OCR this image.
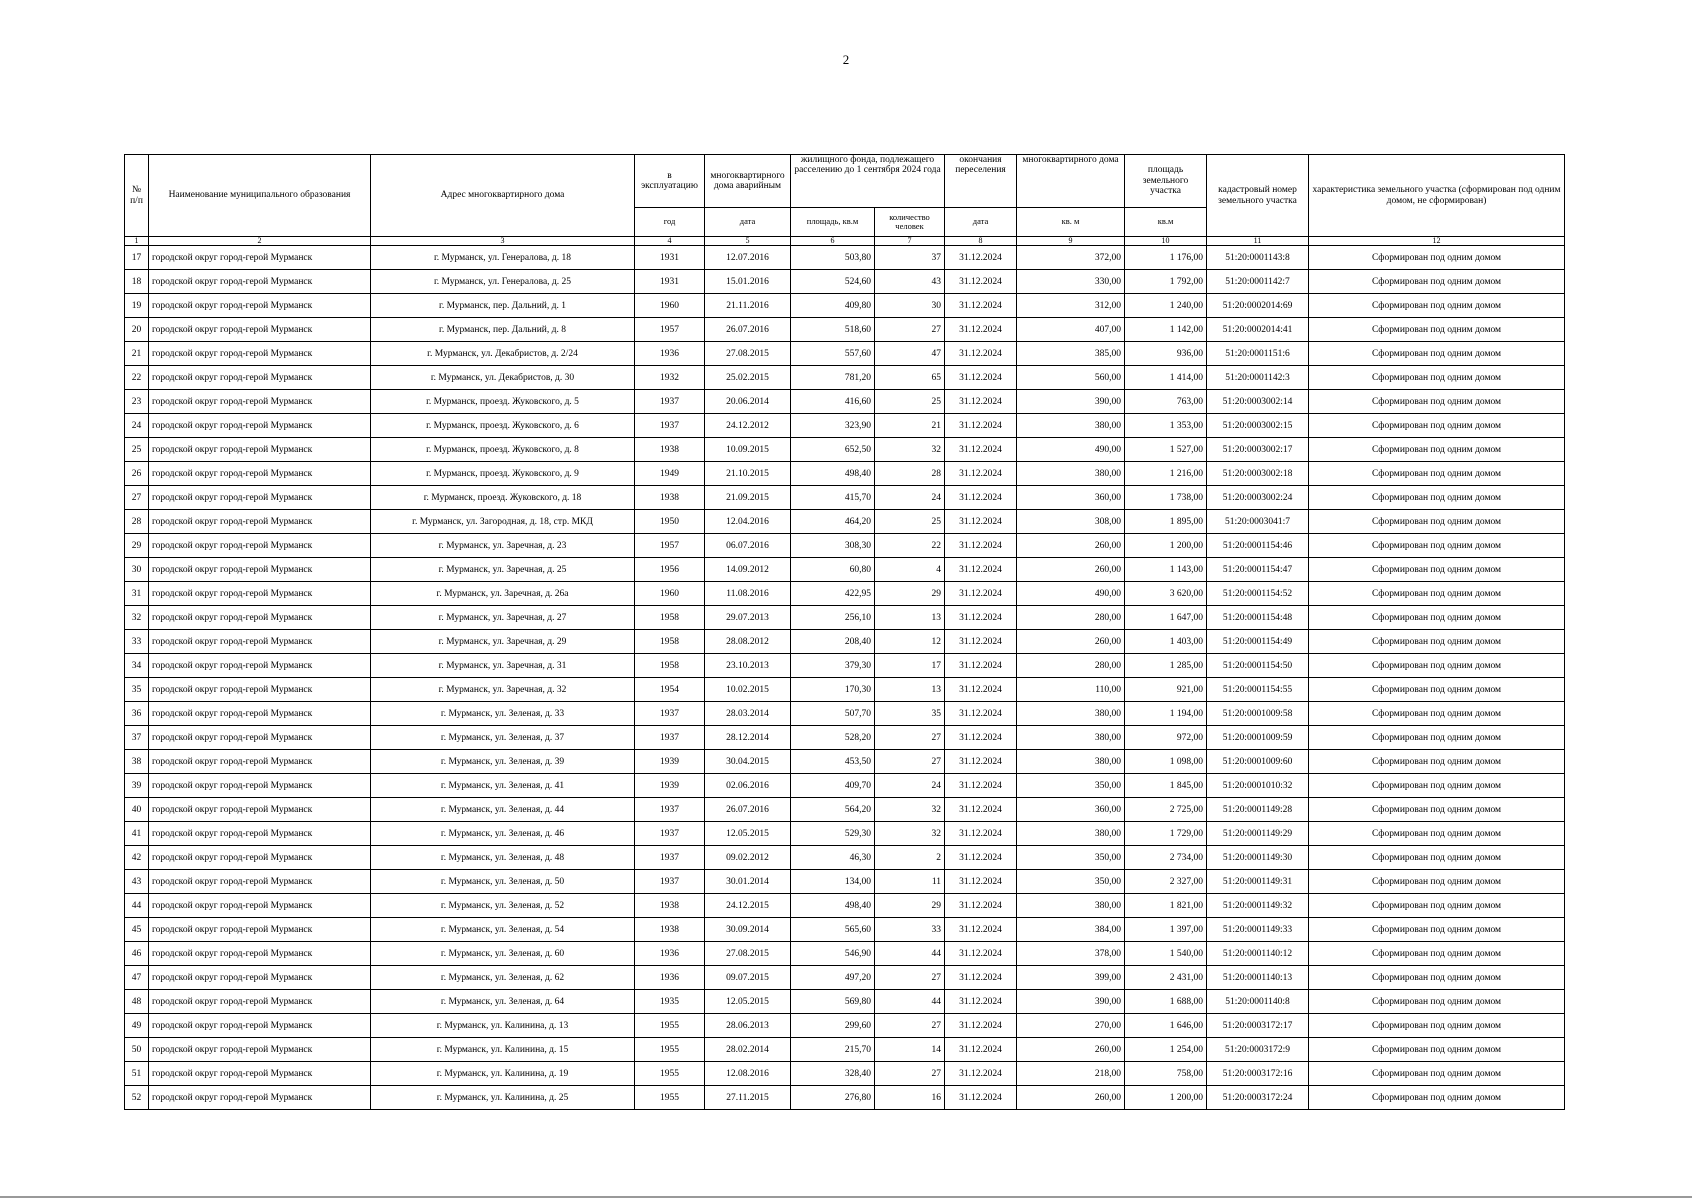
2
№ п/п	Наименование муниципального образования	Адрес многоквартирного дома	в эксплуатацию	многоквартирного дома аварийным	жилищного фонда, подлежащего расселению до 1 сентября 2024 года		окончания переселения	многоквартирного дома	площадь земельного участка	кадастровый номер земельного участка	характеристика земельного участка (сформирован под одним домом, не сформирован)
			год	дата	площадь, кв.м	количество человек	дата	кв. м	кв.м		
1	2	3	4	5	6	7	8	9	10	11	12
17	городской округ город-герой Мурманск	г. Мурманск, ул. Генералова, д. 18	1931	12.07.2016	503,80	37	31.12.2024	372,00	1 176,00	51:20:0001143:8	Сформирован под одним домом
18	городской округ город-герой Мурманск	г. Мурманск, ул. Генералова, д. 25	1931	15.01.2016	524,60	43	31.12.2024	330,00	1 792,00	51:20:0001142:7	Сформирован под одним домом
19	городской округ город-герой Мурманск	г. Мурманск, пер. Дальний, д. 1	1960	21.11.2016	409,80	30	31.12.2024	312,00	1 240,00	51:20:0002014:69	Сформирован под одним домом
20	городской округ город-герой Мурманск	г. Мурманск, пер. Дальний, д. 8	1957	26.07.2016	518,60	27	31.12.2024	407,00	1 142,00	51:20:0002014:41	Сформирован под одним домом
21	городской округ город-герой Мурманск	г. Мурманск, ул. Декабристов, д. 2/24	1936	27.08.2015	557,60	47	31.12.2024	385,00	936,00	51:20:0001151:6	Сформирован под одним домом
22	городской округ город-герой Мурманск	г. Мурманск, ул. Декабристов, д. 30	1932	25.02.2015	781,20	65	31.12.2024	560,00	1 414,00	51:20:0001142:3	Сформирован под одним домом
23	городской округ город-герой Мурманск	г. Мурманск, проезд. Жуковского, д. 5	1937	20.06.2014	416,60	25	31.12.2024	390,00	763,00	51:20:0003002:14	Сформирован под одним домом
24	городской округ город-герой Мурманск	г. Мурманск, проезд. Жуковского, д. 6	1937	24.12.2012	323,90	21	31.12.2024	380,00	1 353,00	51:20:0003002:15	Сформирован под одним домом
25	городской округ город-герой Мурманск	г. Мурманск, проезд. Жуковского, д. 8	1938	10.09.2015	652,50	32	31.12.2024	490,00	1 527,00	51:20:0003002:17	Сформирован под одним домом
26	городской округ город-герой Мурманск	г. Мурманск, проезд. Жуковского, д. 9	1949	21.10.2015	498,40	28	31.12.2024	380,00	1 216,00	51:20:0003002:18	Сформирован под одним домом
27	городской округ город-герой Мурманск	г. Мурманск, проезд. Жуковского, д. 18	1938	21.09.2015	415,70	24	31.12.2024	360,00	1 738,00	51:20:0003002:24	Сформирован под одним домом
28	городской округ город-герой Мурманск	г. Мурманск, ул. Загородная, д. 18, стр. МКД	1950	12.04.2016	464,20	25	31.12.2024	308,00	1 895,00	51:20:0003041:7	Сформирован под одним домом
29	городской округ город-герой Мурманск	г. Мурманск, ул. Заречная, д. 23	1957	06.07.2016	308,30	22	31.12.2024	260,00	1 200,00	51:20:0001154:46	Сформирован под одним домом
30	городской округ город-герой Мурманск	г. Мурманск, ул. Заречная, д. 25	1956	14.09.2012	60,80	4	31.12.2024	260,00	1 143,00	51:20:0001154:47	Сформирован под одним домом
31	городской округ город-герой Мурманск	г. Мурманск, ул. Заречная, д. 26а	1960	11.08.2016	422,95	29	31.12.2024	490,00	3 620,00	51:20:0001154:52	Сформирован под одним домом
32	городской округ город-герой Мурманск	г. Мурманск, ул. Заречная, д. 27	1958	29.07.2013	256,10	13	31.12.2024	280,00	1 647,00	51:20:0001154:48	Сформирован под одним домом
33	городской округ город-герой Мурманск	г. Мурманск, ул. Заречная, д. 29	1958	28.08.2012	208,40	12	31.12.2024	260,00	1 403,00	51:20:0001154:49	Сформирован под одним домом
34	городской округ город-герой Мурманск	г. Мурманск, ул. Заречная, д. 31	1958	23.10.2013	379,30	17	31.12.2024	280,00	1 285,00	51:20:0001154:50	Сформирован под одним домом
35	городской округ город-герой Мурманск	г. Мурманск, ул. Заречная, д. 32	1954	10.02.2015	170,30	13	31.12.2024	110,00	921,00	51:20:0001154:55	Сформирован под одним домом
36	городской округ город-герой Мурманск	г. Мурманск, ул. Зеленая, д. 33	1937	28.03.2014	507,70	35	31.12.2024	380,00	1 194,00	51:20:0001009:58	Сформирован под одним домом
37	городской округ город-герой Мурманск	г. Мурманск, ул. Зеленая, д. 37	1937	28.12.2014	528,20	27	31.12.2024	380,00	972,00	51:20:0001009:59	Сформирован под одним домом
38	городской округ город-герой Мурманск	г. Мурманск, ул. Зеленая, д. 39	1939	30.04.2015	453,50	27	31.12.2024	380,00	1 098,00	51:20:0001009:60	Сформирован под одним домом
39	городской округ город-герой Мурманск	г. Мурманск, ул. Зеленая, д. 41	1939	02.06.2016	409,70	24	31.12.2024	350,00	1 845,00	51:20:0001010:32	Сформирован под одним домом
40	городской округ город-герой Мурманск	г. Мурманск, ул. Зеленая, д. 44	1937	26.07.2016	564,20	32	31.12.2024	360,00	2 725,00	51:20:0001149:28	Сформирован под одним домом
41	городской округ город-герой Мурманск	г. Мурманск, ул. Зеленая, д. 46	1937	12.05.2015	529,30	32	31.12.2024	380,00	1 729,00	51:20:0001149:29	Сформирован под одним домом
42	городской округ город-герой Мурманск	г. Мурманск, ул. Зеленая, д. 48	1937	09.02.2012	46,30	2	31.12.2024	350,00	2 734,00	51:20:0001149:30	Сформирован под одним домом
43	городской округ город-герой Мурманск	г. Мурманск, ул. Зеленая, д. 50	1937	30.01.2014	134,00	11	31.12.2024	350,00	2 327,00	51:20:0001149:31	Сформирован под одним домом
44	городской округ город-герой Мурманск	г. Мурманск, ул. Зеленая, д. 52	1938	24.12.2015	498,40	29	31.12.2024	380,00	1 821,00	51:20:0001149:32	Сформирован под одним домом
45	городской округ город-герой Мурманск	г. Мурманск, ул. Зеленая, д. 54	1938	30.09.2014	565,60	33	31.12.2024	384,00	1 397,00	51:20:0001149:33	Сформирован под одним домом
46	городской округ город-герой Мурманск	г. Мурманск, ул. Зеленая, д. 60	1936	27.08.2015	546,90	44	31.12.2024	378,00	1 540,00	51:20:0001140:12	Сформирован под одним домом
47	городской округ город-герой Мурманск	г. Мурманск, ул. Зеленая, д. 62	1936	09.07.2015	497,20	27	31.12.2024	399,00	2 431,00	51:20:0001140:13	Сформирован под одним домом
48	городской округ город-герой Мурманск	г. Мурманск, ул. Зеленая, д. 64	1935	12.05.2015	569,80	44	31.12.2024	390,00	1 688,00	51:20:0001140:8	Сформирован под одним домом
49	городской округ город-герой Мурманск	г. Мурманск, ул. Калинина, д. 13	1955	28.06.2013	299,60	27	31.12.2024	270,00	1 646,00	51:20:0003172:17	Сформирован под одним домом
50	городской округ город-герой Мурманск	г. Мурманск, ул. Калинина, д. 15	1955	28.02.2014	215,70	14	31.12.2024	260,00	1 254,00	51:20:0003172:9	Сформирован под одним домом
51	городской округ город-герой Мурманск	г. Мурманск, ул. Калинина, д. 19	1955	12.08.2016	328,40	27	31.12.2024	218,00	758,00	51:20:0003172:16	Сформирован под одним домом
52	городской округ город-герой Мурманск	г. Мурманск, ул. Калинина, д. 25	1955	27.11.2015	276,80	16	31.12.2024	260,00	1 200,00	51:20:0003172:24	Сформирован под одним домом
